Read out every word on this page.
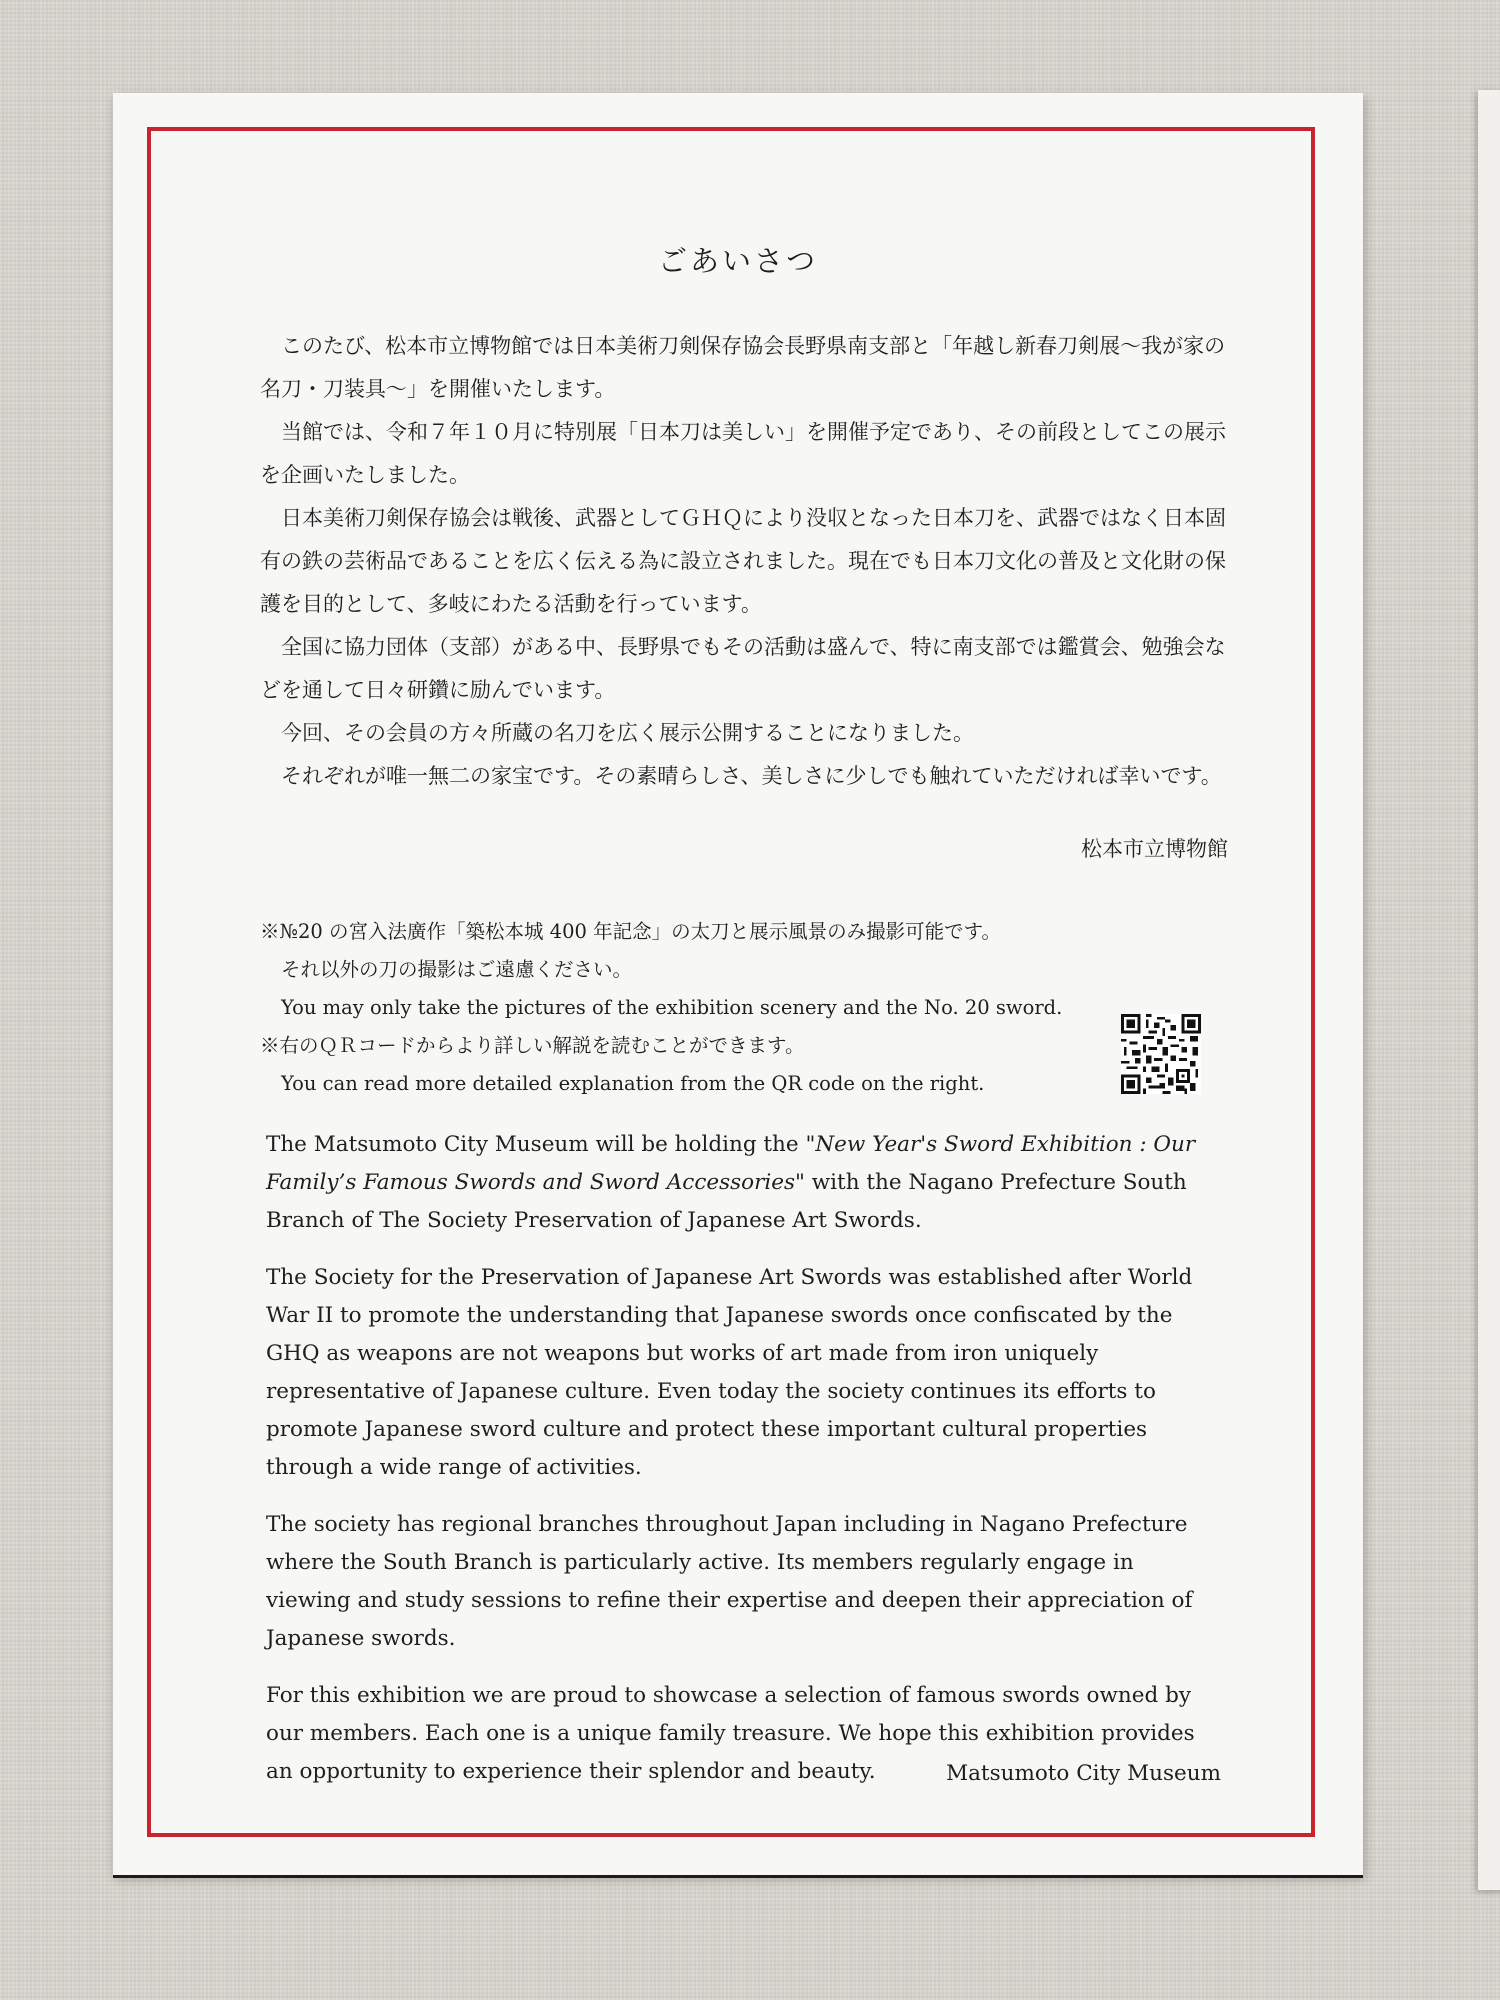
ごあいさつ

このたび、松本市立博物館では日本美術刀剣保存協会長野県南支部と「年越し新春刀剣展〜我が家の名刀・刀装具〜」を開催いたします。

当館では、令和７年１０月に特別展「日本刀は美しい」を開催予定であり、その前段としてこの展示を企画いたしました。

日本美術刀剣保存協会は戦後、武器としてＧＨＱにより没収となった日本刀を、武器ではなく日本固有の鉄の芸術品であることを広く伝える為に設立されました。現在でも日本刀文化の普及と文化財の保護を目的として、多岐にわたる活動を行っています。

全国に協力団体（支部）がある中、長野県でもその活動は盛んで、特に南支部では鑑賞会、勉強会などを通して日々研鑽に励んでいます。

今回、その会員の方々所蔵の名刀を広く展示公開することになりました。

それぞれが唯一無二の家宝です。その素晴らしさ、美しさに少しでも触れていただければ幸いです。

松本市立博物館
※№20 の宮入法廣作「築松本城 400 年記念」の太刀と展示風景のみ撮影可能です。
それ以外の刀の撮影はご遠慮ください。
You may only take the pictures of the exhibition scenery and the No. 20 sword.
※右のＱＲコードからより詳しい解説を読むことができます。
You can read more detailed explanation from the QR code on the right.

The Matsumoto City Museum will be holding the "New Year's Sword Exhibition : Our Family’s Famous Swords and Sword Accessories" with the Nagano Prefecture South Branch of The Society Preservation of Japanese Art Swords.

The Society for the Preservation of Japanese Art Swords was established after World War II to promote the understanding that Japanese swords once confiscated by the GHQ as weapons are not weapons but works of art made from iron uniquely representative of Japanese culture. Even today the society continues its efforts to promote Japanese sword culture and protect these important cultural properties through a wide range of activities.

The society has regional branches throughout Japan including in Nagano Prefecture where the South Branch is particularly active. Its members regularly engage in viewing and study sessions to refine their expertise and deepen their appreciation of Japanese swords.

For this exhibition we are proud to showcase a selection of famous swords owned by our members. Each one is a unique family treasure. We hope this exhibition provides an opportunity to experience their splendor and beauty.	Matsumoto City Museum
